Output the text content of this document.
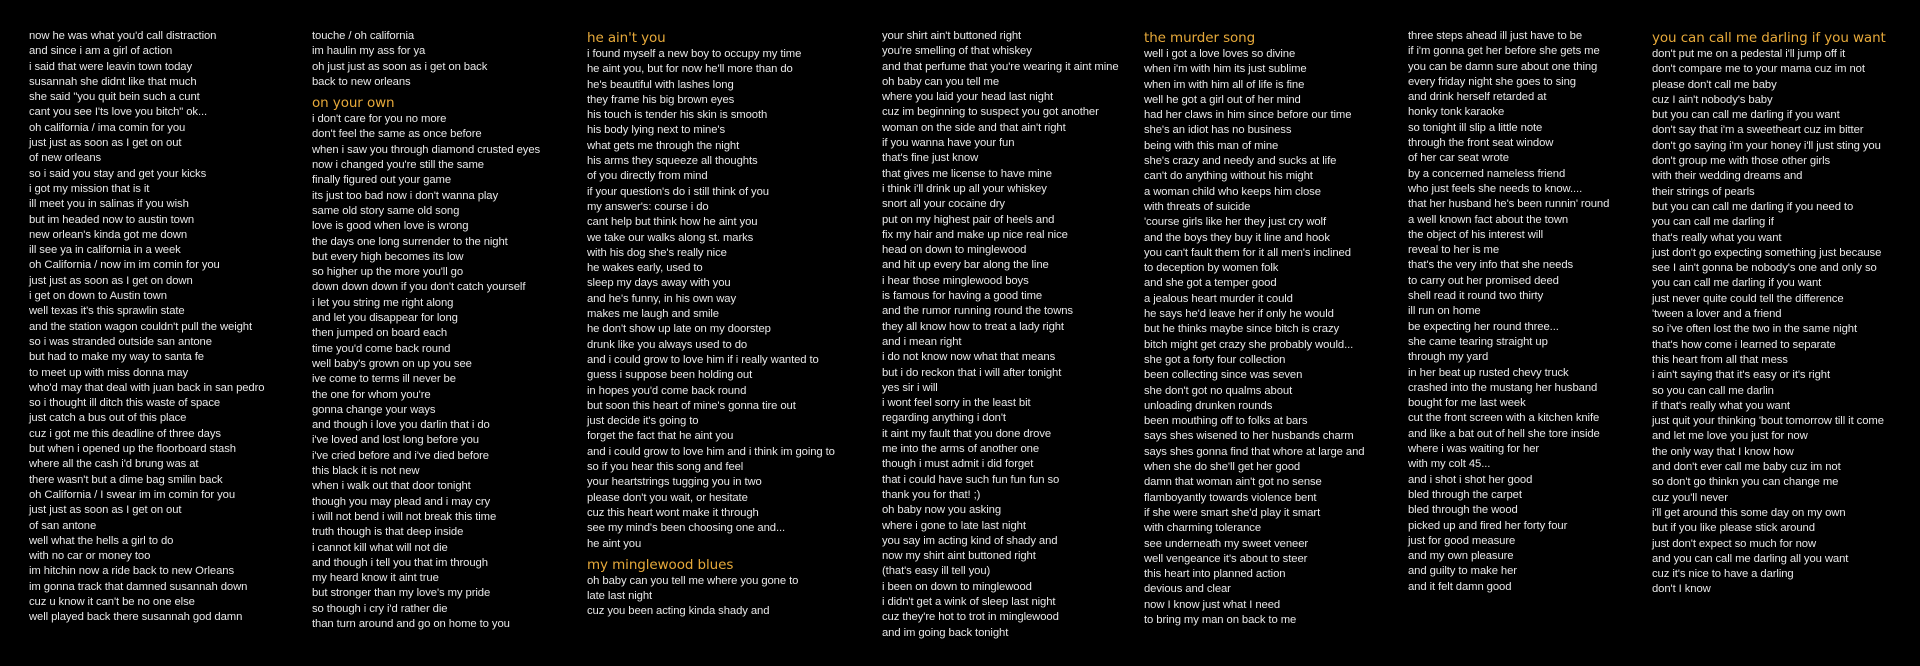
now he was what you'd call distraction
and since i am a girl of action
i said that were leavin town today
susannah she didnt like that much
she said "you quit bein such a cunt
cant you see I'ts love you bitch" ok...
oh california / ima comin for you
just just as soon as I get on out
of new orleans
so i said you stay and get your kicks
i got my mission that is it
ill meet you in salinas if you wish
but im headed now to austin town
new orlean's kinda got me down
ill see ya in california in a week
oh California / now im im comin for you
just just as soon as I get on down
i get on down to Austin town
well texas it's this sprawlin state
and the station wagon couldn't pull the weight
so i was stranded outside san antone
but had to make my way to santa fe
to meet up with miss donna may
who'd may that deal with juan back in san pedro
so i thought ill ditch this waste of space
just catch a bus out of this place
cuz i got me this deadline of three days
but when i opened up the floorboard stash
where all the cash i'd brung was at
there wasn't but a dime bag smilin back
oh California / I swear im im comin for you
just just as soon as I get on out
of san antone
well what the hells a girl to do
with no car or money too
im hitchin now a ride back to new Orleans
im gonna track that damned susannah down
cuz u know it can't be no one else
well played back there susannah god damn
touche / oh california
im haulin my ass for ya
oh just just as soon as i get on back
back to new orleans
on your own
i don't care for you no more
don't feel the same as once before
when i saw you through diamond crusted eyes
now i changed you're still the same
finally figured out your game
its just too bad now i don't wanna play
same old story same old song
love is good when love is wrong
the days one long surrender to the night
but every high becomes its low
so higher up the more you'll go
down down down if you don't catch yourself
i let you string me right along
and let you disappear for long
then jumped on board each
time you'd come back round
well baby's grown on up you see
ive come to terms ill never be
the one for whom you're
gonna change your ways
and though i love you darlin that i do
i've loved and lost long before you
i've cried before and i've died before
this black it is not new
when i walk out that door tonight
though you may plead and i may cry
i will not bend i will not break this time
truth though is that deep inside
i cannot kill what will not die
and though i tell you that im through
my heard know it aint true
but stronger than my love's my pride
so though i cry i'd rather die
than turn around and go on home to you
he ain't you
i found myself a new boy to occupy my time
he aint you, but for now he'll more than do
he's beautiful with lashes long
they frame his big brown eyes
his touch is tender his skin is smooth
his body lying next to mine's
what gets me through the night
his arms they squeeze all thoughts
of you directly from mind
if your question's do i still think of you
my answer's: course i do
cant help but think how he aint you
we take our walks along st. marks
with his dog she's really nice
he wakes early, used to
sleep my days away with you
and he's funny, in his own way
makes me laugh and smile
he don't show up late on my doorstep
drunk like you always used to do
and i could grow to love him if i really wanted to
guess i suppose been holding out
in hopes you'd come back round
but soon this heart of mine's gonna tire out
just decide it's going to
forget the fact that he aint you
and i could grow to love him and i think im going to
so if you hear this song and feel
your heartstrings tugging you in two
please don't you wait, or hesitate
cuz this heart wont make it through
see my mind's been choosing one and...
he aint you
my minglewood blues
oh baby can you tell me where you gone to
late last night
cuz you been acting kinda shady and
your shirt ain't buttoned right
you're smelling of that whiskey
and that perfume that you're wearing it aint mine
oh baby can you tell me
where you laid your head last night
cuz im beginning to suspect you got another
woman on the side and that ain't right
if you wanna have your fun
that's fine just know
that gives me license to have mine
i think i'll drink up all your whiskey
snort all your cocaine dry
put on my highest pair of heels and
fix my hair and make up nice real nice
head on down to minglewood
and hit up every bar along the line
i hear those minglewood boys
is famous for having a good time
and the rumor running round the towns
they all know how to treat a lady right
and i mean right
i do not know now what that means
but i do reckon that i will after tonight
yes sir i will
i wont feel sorry in the least bit
regarding anything i don't
it aint my fault that you done drove
me into the arms of another one
though i must admit i did forget
that i could have such fun fun fun so
thank you for that! ;)
oh baby now you asking
where i gone to late last night
you say im acting kind of shady and
now my shirt aint buttoned right
(that's easy ill tell you)
i been on down to minglewood
i didn't get a wink of sleep last night
cuz they're hot to trot in minglewood
and im going back tonight
the murder song
well i got a love loves so divine
when i'm with him its just sublime
when im with him all of life is fine
well he got a girl out of her mind
had her claws in him since before our time
she's an idiot has no business
being with this man of mine
she's crazy and needy and sucks at life
can't do anything without his might
a woman child who keeps him close
with threats of suicide
'course girls like her they just cry wolf
and the boys they buy it line and hook
you can't fault them for it all men's inclined
to deception by women folk
and she got a temper good
a jealous heart murder it could
he says he'd leave her if only he would
but he thinks maybe since bitch is crazy
bitch might get crazy she probably would...
she got a forty four collection
been collecting since was seven
she don't got no qualms about
unloading drunken rounds
been mouthing off to folks at bars
says shes wisened to her husbands charm
says shes gonna find that whore at large and
when she do she'll get her good
damn that woman ain't got no sense
flamboyantly towards violence bent
if she were smart she'd play it smart
with charming tolerance
see underneath my sweet veneer
well vengeance it's about to steer
this heart into planned action
devious and clear
now I know just what I need
to bring my man on back to me
three steps ahead ill just have to be
if i'm gonna get her before she gets me
you can be damn sure about one thing
every friday night she goes to sing
and drink herself retarded at
honky tonk karaoke
so tonight ill slip a little note
through the front seat window
of her car seat wrote
by a concerned nameless friend
who just feels she needs to know....
that her husband he's been runnin' round
a well known fact about the town
the object of his interest will
reveal to her is me
that's the very info that she needs
to carry out her promised deed
shell read it round two thirty
ill run on home
be expecting her round three...
she came tearing straight up
through my yard
in her beat up rusted chevy truck
crashed into the mustang her husband
bought for me last week
cut the front screen with a kitchen knife
and like a bat out of hell she tore inside
where i was waiting for her
with my colt 45...
and i shot i shot her good
bled through the carpet
bled through the wood
picked up and fired her forty four
just for good measure
and my own pleasure
and guilty to make her
and it felt damn good
you can call me darling if you want
don't put me on a pedestal i'll jump off it
don't compare me to your mama cuz im not
please don't call me baby
cuz I ain't nobody's baby
but you can call me darling if you want
don't say that i'm a sweetheart cuz im bitter
don't go saying i'm your honey i'll just sting you
don't group me with those other girls
with their wedding dreams and
their strings of pearls
but you can call me darling if you need to
you can call me darling if
that's really what you want
just don't go expecting something just because
see I ain't gonna be nobody's one and only so
you can call me darling if you want
just never quite could tell the difference
'tween a lover and a friend
so i've often lost the two in the same night
that's how come i learned to separate
this heart from all that mess
i ain't saying that it's easy or it's right
so you can call me darlin
if that's really what you want
just quit your thinking 'bout tomorrow till it come
and let me love you just for now
the only way that I know how
and don't ever call me baby cuz im not
so don't go thinkn you can change me
cuz you'll never
i'll get around this some day on my own
but if you like please stick around
just don't expect so much for now
and you can call me darling all you want
cuz it's nice to have a darling
don't I know
